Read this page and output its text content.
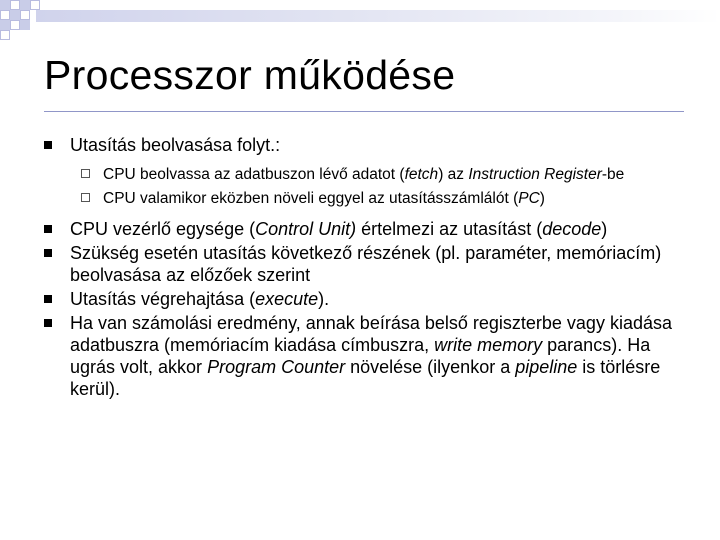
Processzor működése
Utasítás beolvasása folyt.:
CPU beolvassa az adatbuszon lévő adatot (fetch) az Instruction Register-be
CPU valamikor eközben növeli eggyel az utasításszámlálót (PC)
CPU vezérlő egysége (Control Unit) értelmezi az utasítást (decode)
Szükség esetén utasítás következő részének (pl. paraméter, memóriacím) beolvasása az előzőek szerint
Utasítás végrehajtása (execute).
Ha van számolási eredmény, annak beírása belső regiszterbe vagy kiadása adatbuszra (memóriacím kiadása címbuszra, write memory parancs). Ha ugrás volt, akkor Program Counter növelése (ilyenkor a pipeline is törlésre kerül).
